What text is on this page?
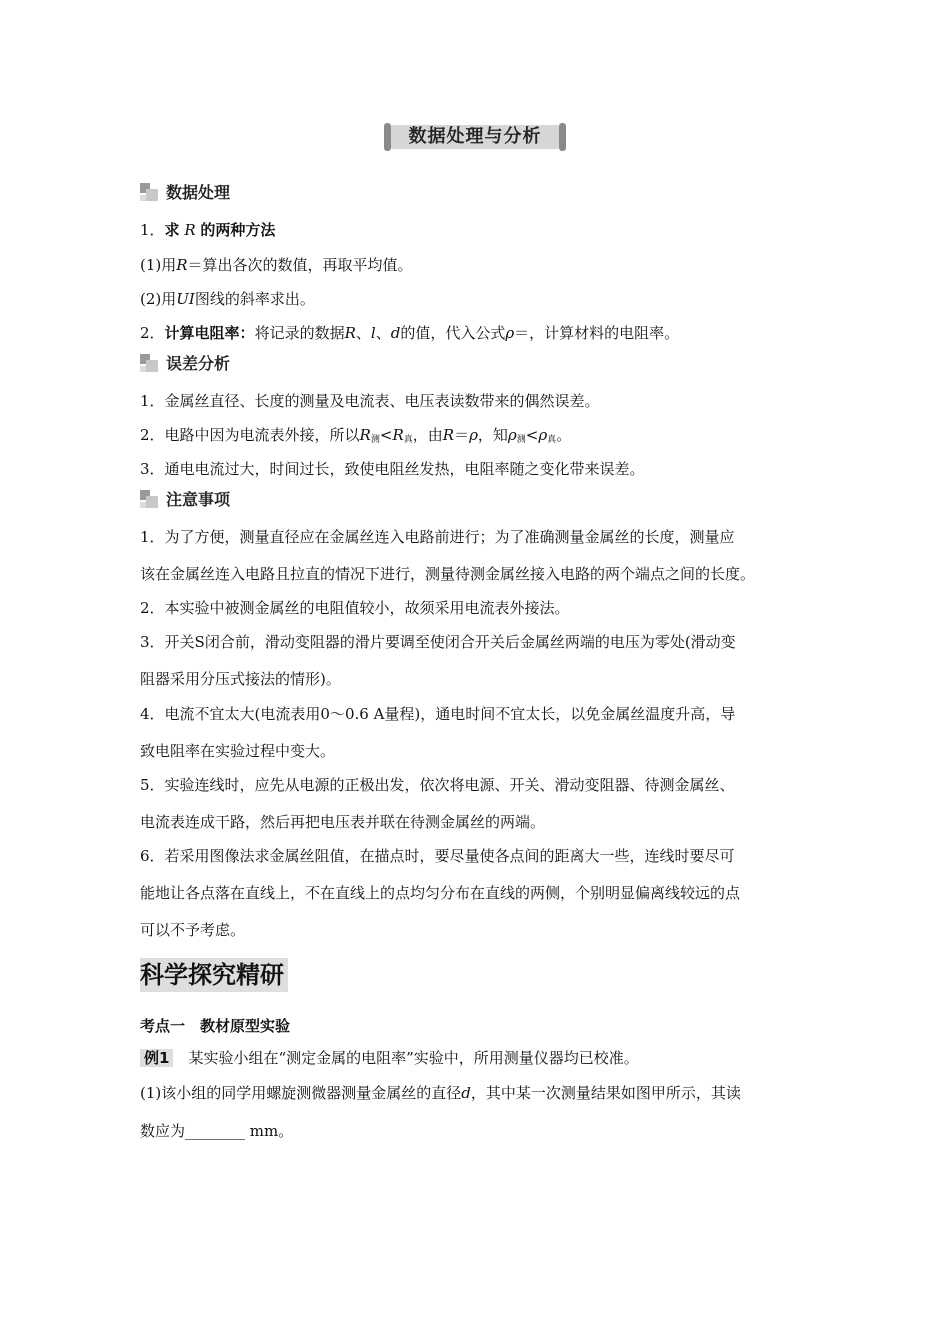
数据处理与分析
数据处理
1．求 R 的两种方法
(1)用R＝算出各次的数值，再取平均值。
(2)用UI图线的斜率求出。
2．计算电阻率：将记录的数据R、l、d的值，代入公式ρ＝，计算材料的电阻率。
误差分析
1．金属丝直径、长度的测量及电流表、电压表读数带来的偶然误差。
2．电路中因为电流表外接，所以$R_测<R_真$，由R＝ρ，知$\rho_测<\rho_真$。
3．通电电流过大，时间过长，致使电阻丝发热，电阻率随之变化带来误差。
注意事项
1．为了方便，测量直径应在金属丝连入电路前进行；为了准确测量金属丝的长度，测量应
该在金属丝连入电路且拉直的情况下进行，测量待测金属丝接入电路的两个端点之间的长度。
2．本实验中被测金属丝的电阻值较小，故须采用电流表外接法。
3．开关S闭合前，滑动变阻器的滑片要调至使闭合开关后金属丝两端的电压为零处(滑动变
阻器采用分压式接法的情形)。
4．电流不宜太大(电流表用0～0.6 A量程)，通电时间不宜太长，以免金属丝温度升高，导
致电阻率在实验过程中变大。
5．实验连线时，应先从电源的正极出发，依次将电源、开关、滑动变阻器、待测金属丝、
电流表连成干路，然后再把电压表并联在待测金属丝的两端。
6．若采用图像法求金属丝阻值，在描点时，要尽量使各点间的距离大一些，连线时要尽可
能地让各点落在直线上，不在直线上的点均匀分布在直线的两侧，个别明显偏离线较远的点
可以不予考虑。
科学探究精研
考点一　教材原型实验
例1　某实验小组在“测定金属的电阻率”实验中，所用测量仪器均已校准。
(1)该小组的同学用螺旋测微器测量金属丝的直径d，其中某一次测量结果如图甲所示，其读
数应为________ mm。
